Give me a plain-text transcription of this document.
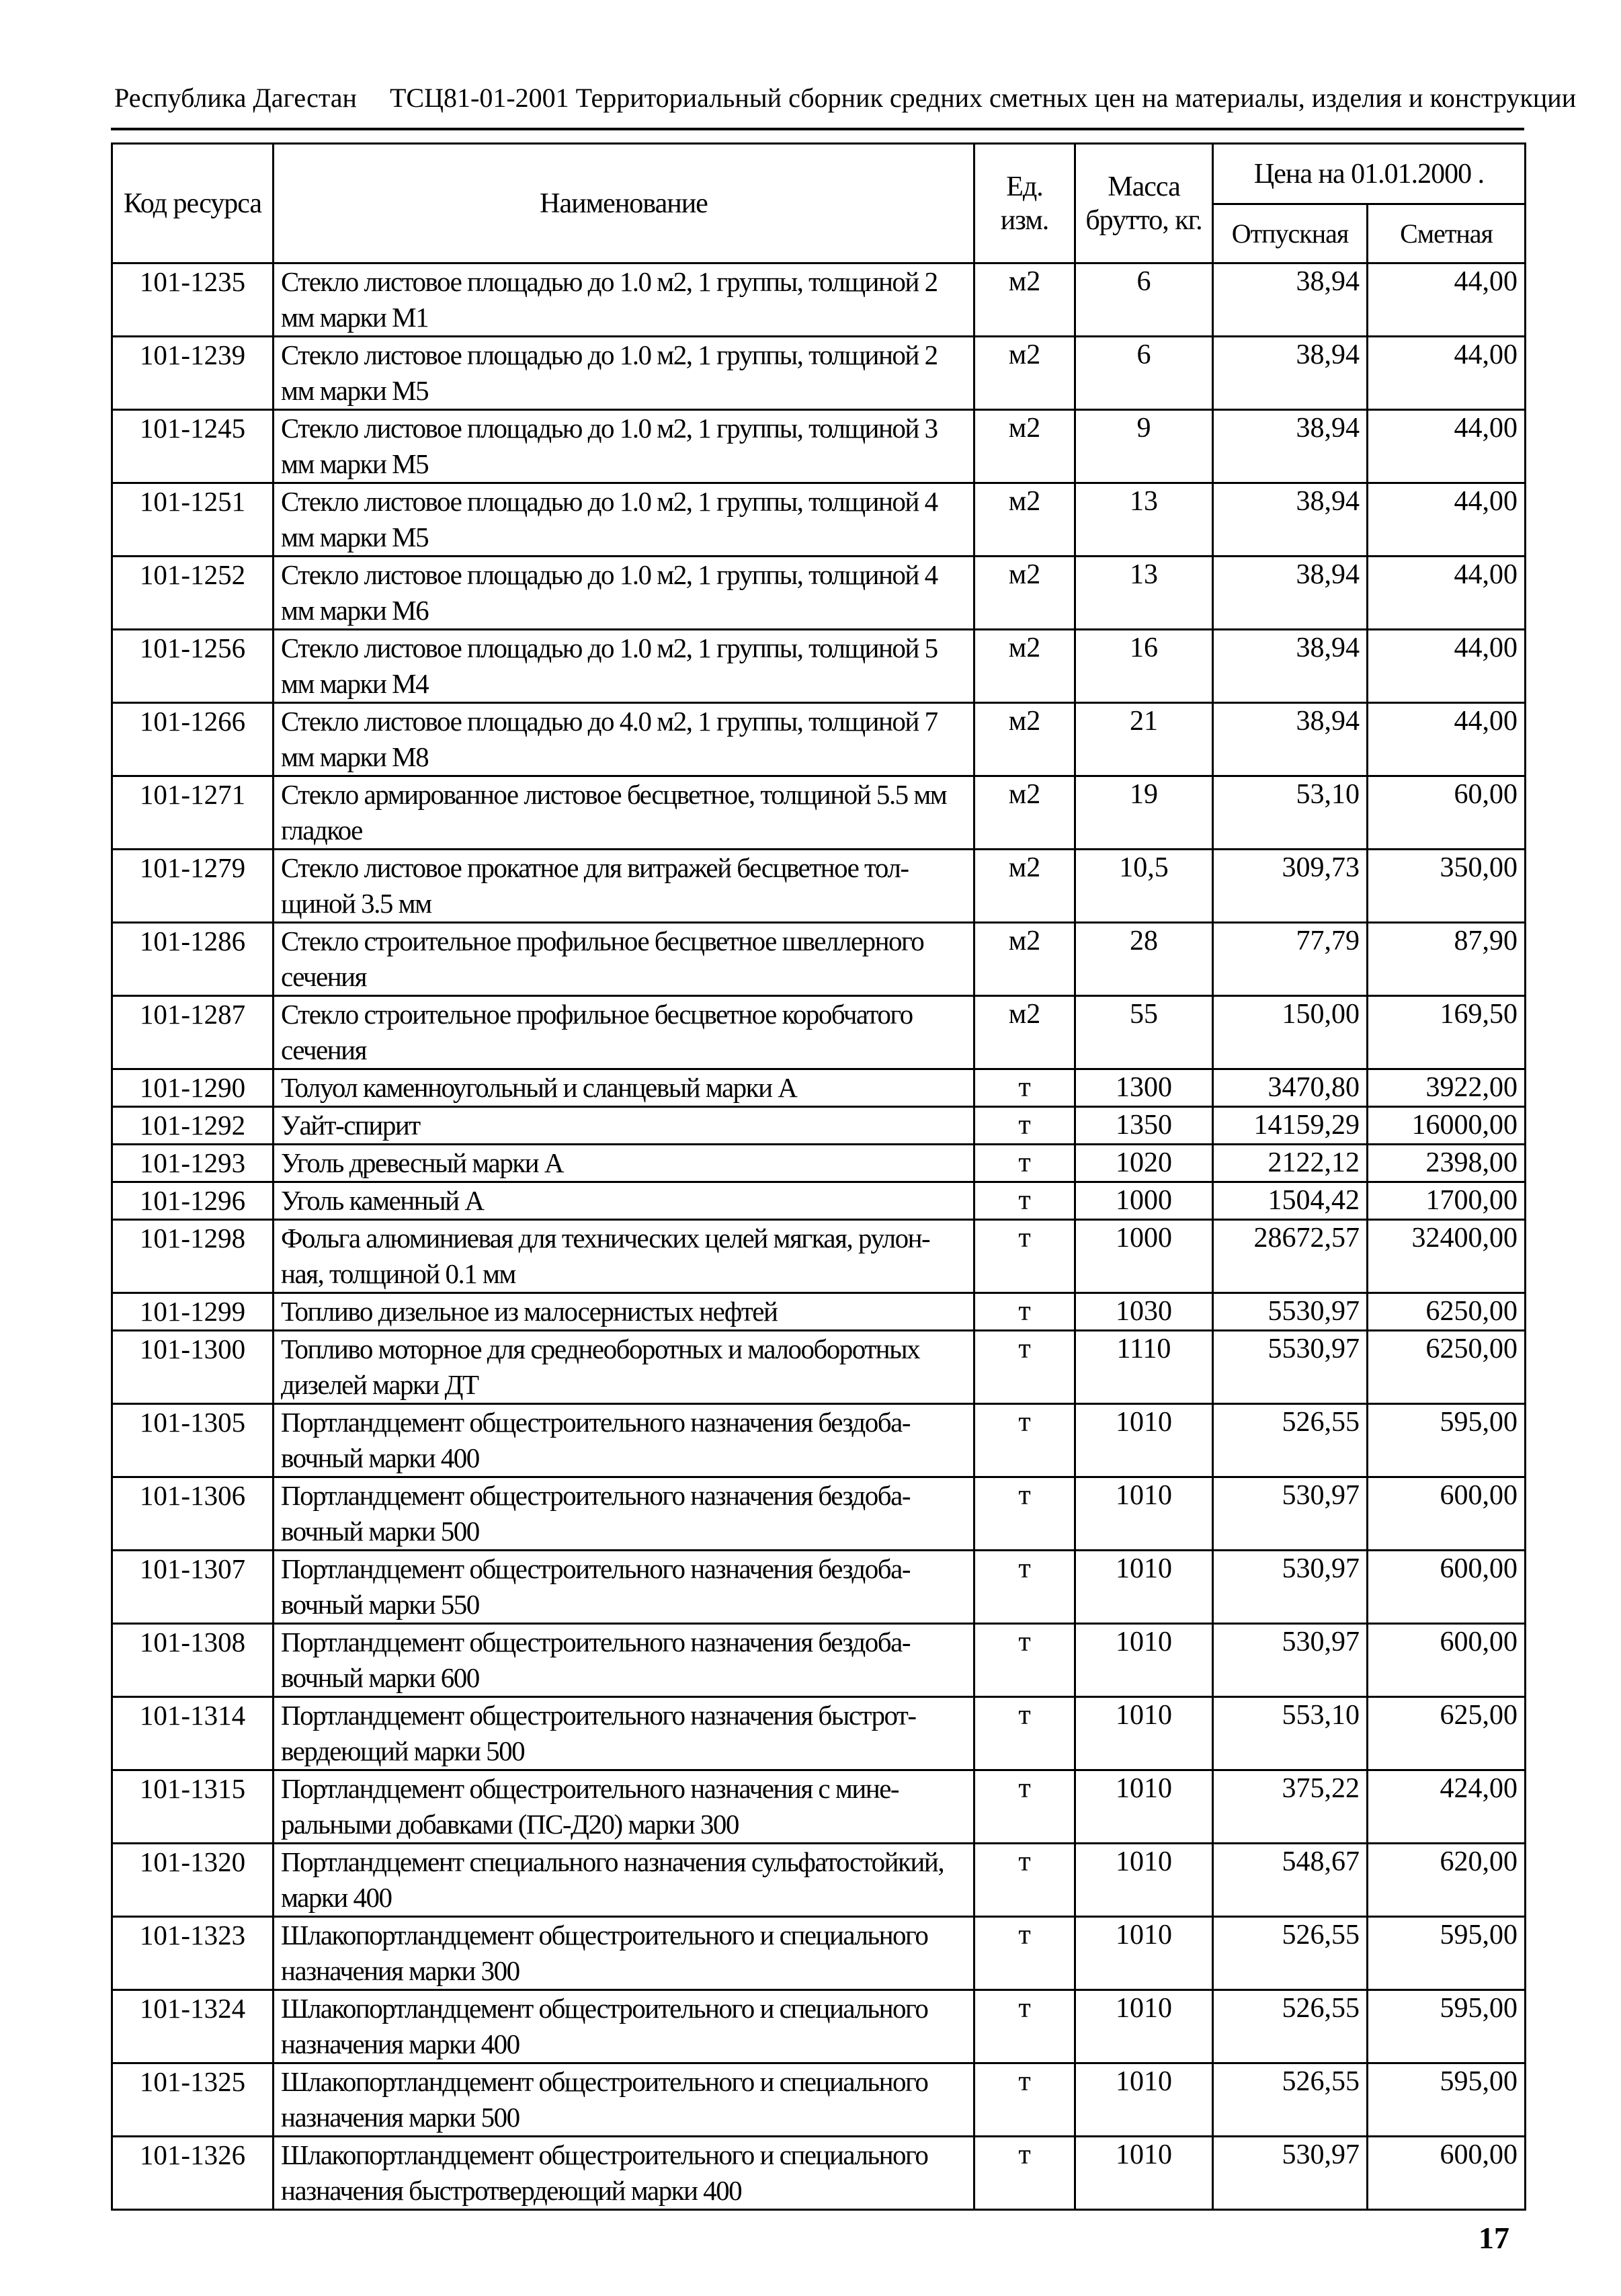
Республика Дагестан ТСЦ81-01-2001 Территориальный сборник средних сметных цен на материалы, изделия и конструкции
Код ресурса	Наименование	Ед. изм.	Масса брутто, кг.	Цена на 01.01.2000 .	
				Отпускная	Сметная
101-1235	Стекло листовое площадью до 1.0 м2, 1 группы, толщиной 2 мм марки М1	м2	6	38,94	44,00
101-1239	Стекло листовое площадью до 1.0 м2, 1 группы, толщиной 2 мм марки М5	м2	6	38,94	44,00
101-1245	Стекло листовое площадью до 1.0 м2, 1 группы, толщиной 3 мм марки М5	м2	9	38,94	44,00
101-1251	Стекло листовое площадью до 1.0 м2, 1 группы, толщиной 4 мм марки М5	м2	13	38,94	44,00
101-1252	Стекло листовое площадью до 1.0 м2, 1 группы, толщиной 4 мм марки М6	м2	13	38,94	44,00
101-1256	Стекло листовое площадью до 1.0 м2, 1 группы, толщиной 5 мм марки М4	м2	16	38,94	44,00
101-1266	Стекло листовое площадью до 4.0 м2, 1 группы, толщиной 7 мм марки М8	м2	21	38,94	44,00
101-1271	Стекло армированное листовое бесцветное, толщиной 5.5 мм гладкое	м2	19	53,10	60,00
101-1279	Стекло листовое прокатное для витражей бесцветное тол-щиной 3.5 мм	м2	10,5	309,73	350,00
101-1286	Стекло строительное профильное бесцветное швеллерного сечения	м2	28	77,79	87,90
101-1287	Стекло строительное профильное бесцветное коробчатого сечения	м2	55	150,00	169,50
101-1290	Толуол каменноугольный и сланцевый марки А	т	1300	3470,80	3922,00
101-1292	Уайт-спирит	т	1350	14159,29	16000,00
101-1293	Уголь древесный марки А	т	1020	2122,12	2398,00
101-1296	Уголь каменный А	т	1000	1504,42	1700,00
101-1298	Фольга алюминиевая для технических целей мягкая, рулон-ная, толщиной 0.1 мм	т	1000	28672,57	32400,00
101-1299	Топливо дизельное из малосернистых нефтей	т	1030	5530,97	6250,00
101-1300	Топливо моторное для среднеоборотных и малооборотных дизелей марки ДТ	т	1110	5530,97	6250,00
101-1305	Портландцемент общестроительного назначения бездоба-вочный марки 400	т	1010	526,55	595,00
101-1306	Портландцемент общестроительного назначения бездоба-вочный марки 500	т	1010	530,97	600,00
101-1307	Портландцемент общестроительного назначения бездоба-вочный марки 550	т	1010	530,97	600,00
101-1308	Портландцемент общестроительного назначения бездоба-вочный марки 600	т	1010	530,97	600,00
101-1314	Портландцемент общестроительного назначения быстрот-вердеющий марки 500	т	1010	553,10	625,00
101-1315	Портландцемент общестроительного назначения с мине-ральными добавками (ПС-Д20) марки 300	т	1010	375,22	424,00
101-1320	Портландцемент специального назначения сульфатостойкий, марки 400	т	1010	548,67	620,00
101-1323	Шлакопортландцемент общестроительного и специального назначения марки 300	т	1010	526,55	595,00
101-1324	Шлакопортландцемент общестроительного и специального назначения марки 400	т	1010	526,55	595,00
101-1325	Шлакопортландцемент общестроительного и специального назначения марки 500	т	1010	526,55	595,00
101-1326	Шлакопортландцемент общестроительного и специального назначения быстротвердеющий марки 400	т	1010	530,97	600,00
17
